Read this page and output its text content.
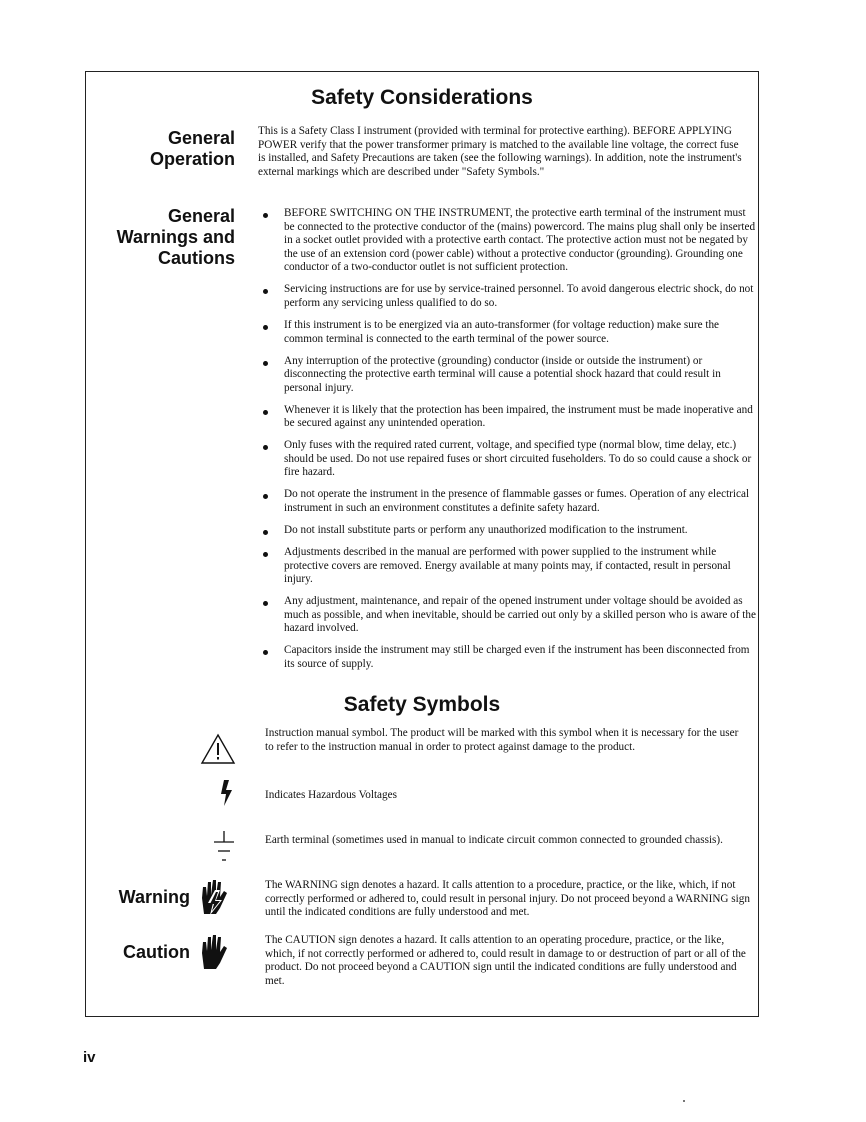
Safety Considerations
General
Operation
This is a Safety Class I instrument (provided with terminal for protective earthing). BEFORE APPLYING POWER verify that the power transformer primary is matched to the available line voltage, the correct fuse is installed, and Safety Precautions are taken (see the following warnings). In addition, note the instrument's external markings which are described under "Safety Symbols."
General
Warnings and
Cautions
BEFORE SWITCHING ON THE INSTRUMENT, the protective earth terminal of the instrument must be connected to the protective conductor of the (mains) powercord. The mains plug shall only be inserted in a socket outlet provided with a protective earth contact. The protective action must not be negated by the use of an extension cord (power cable) without a protective conductor (grounding). Grounding one conductor of a two-conductor outlet is not sufficient protection.
Servicing instructions are for use by service-trained personnel. To avoid dangerous electric shock, do not perform any servicing unless qualified to do so.
If this instrument is to be energized via an auto-transformer (for voltage reduction) make sure the common terminal is connected to the earth terminal of the power source.
Any interruption of the protective (grounding) conductor (inside or outside the instrument) or disconnecting the protective earth terminal will cause a potential shock hazard that could result in personal injury.
Whenever it is likely that the protection has been impaired, the instrument must be made inoperative and be secured against any unintended operation.
Only fuses with the required rated current, voltage, and specified type (normal blow, time delay, etc.) should be used. Do not use repaired fuses or short circuited fuseholders. To do so could cause a shock or fire hazard.
Do not operate the instrument in the presence of flammable gasses or fumes. Operation of any electrical instrument in such an environment constitutes a definite safety hazard.
Do not install substitute parts or perform any unauthorized modification to the instrument.
Adjustments described in the manual are performed with power supplied to the instrument while protective covers are removed. Energy available at many points may, if contacted, result in personal injury.
Any adjustment, maintenance, and repair of the opened instrument under voltage should be avoided as much as possible, and when inevitable, should be carried out only by a skilled person who is aware of the hazard involved.
Capacitors inside the instrument may still be charged even if the instrument has been disconnected from its source of supply.
Safety Symbols
Instruction manual symbol. The product will be marked with this symbol when it is necessary for the user to refer to the instruction manual in order to protect against damage to the product.
Indicates Hazardous Voltages
Earth terminal (sometimes used in manual to indicate circuit common connected to grounded chassis).
Warning
The WARNING sign denotes a hazard. It calls attention to a procedure, practice, or the like, which, if not correctly performed or adhered to, could result in personal injury. Do not proceed beyond a WARNING sign until the indicated conditions are fully understood and met.
Caution
The CAUTION sign denotes a hazard. It calls attention to an operating procedure, practice, or the like, which, if not correctly performed or adhered to, could result in damage to or destruction of part or all of the product. Do not proceed beyond a CAUTION sign until the indicated conditions are fully understood and met.
iv
